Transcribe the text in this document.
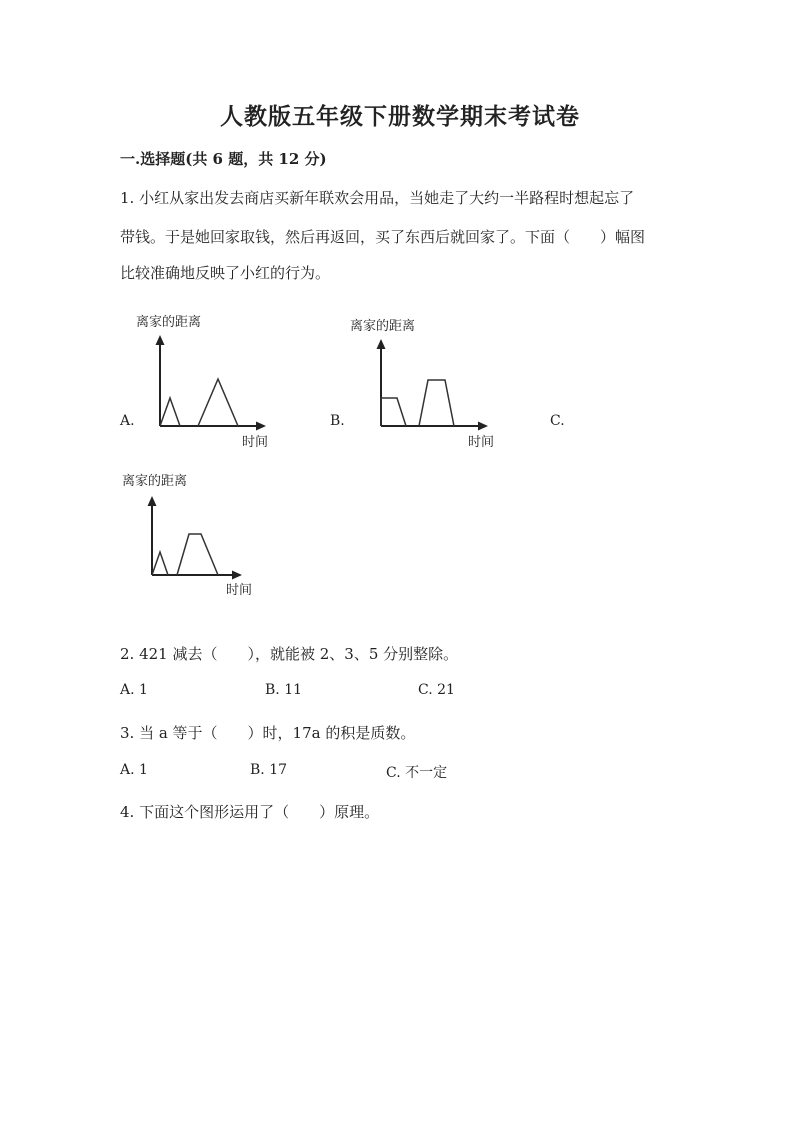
人教版五年级下册数学期末考试卷
一.选择题(共 6 题，共 12 分)
1. 小红从家出发去商店买新年联欢会用品，当她走了大约一半路程时想起忘了
带钱。于是她回家取钱，然后再返回，买了东西后就回家了。下面（　　）幅图
比较准确地反映了小红的行为。
A.	B.	C.
离家的距离
时间
离家的距离
时间
离家的距离
时间
2. 421 减去（　　），就能被 2、3、5 分别整除。
A. 1	B. 11	C. 21
3. 当 a 等于（　　）时，17a 的积是质数。
A. 1	B. 17	C. 不一定
4. 下面这个图形运用了（　　）原理。
